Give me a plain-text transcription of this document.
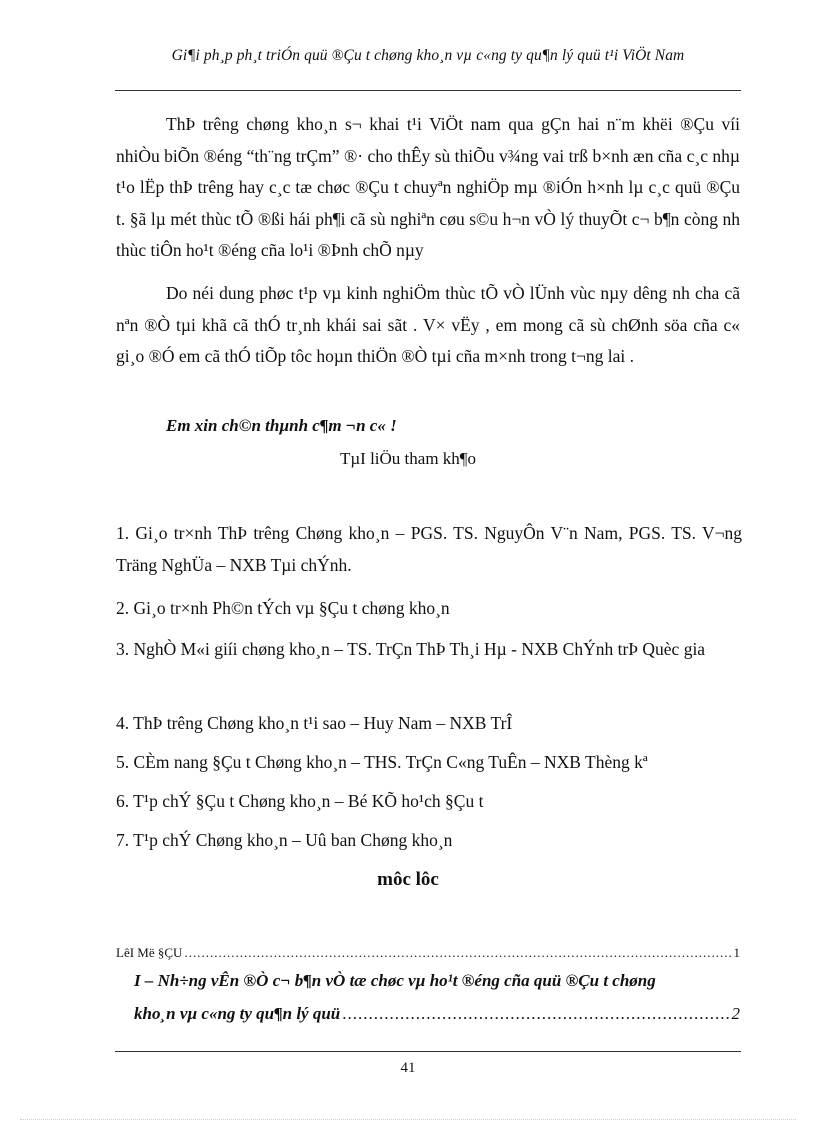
Gi¶i ph¸p ph¸t triÓn quü ®Çu t chøng kho¸n vµ c«ng ty qu¶n lý quü t¹i ViÖt Nam

ThÞ trêng chøng kho¸n s¬ khai t¹i ViÖt nam qua gÇn hai n¨m khëi ®Çu víi nhiÒu biÕn ®éng “th¨ng trÇm” ®· cho thÊy sù thiÕu v¾ng vai trß b×nh æn cña c¸c nhµ t¹o lËp thÞ trêng hay c¸c tæ chøc ®Çu t chuyªn nghiÖp mµ ®iÓn h×nh lµ c¸c quü ®Çu t. §ã lµ mét thùc tÕ ®ßi hái ph¶i cã sù nghiªn cøu s©u h¬n vÒ lý thuyÕt c¬ b¶n còng nh thùc tiÔn ho¹t ®éng cña lo¹i ®Þnh chÕ nµy

Do néi dung phøc t¹p vµ kinh nghiÖm thùc tÕ vÒ lÜnh vùc nµy dêng nh cha cã nªn ®Ò tµi khã cã thÓ tr¸nh khái sai sãt . V× vËy , em mong cã sù chØnh söa cña c« gi¸o ®Ó em cã thÓ tiÕp tôc hoµn thiÖn ®Ò tµi cña m×nh trong t¬ng lai .

Em xin ch©n thµnh c¶m ¬n c« !
TµI liÖu tham kh¶o
1. Gi¸o tr×nh ThÞ trêng Chøng kho¸n – PGS. TS. NguyÔn V¨n Nam, PGS. TS. V¬ng Träng NghÜa – NXB Tµi chÝnh.
2. Gi¸o tr×nh Ph©n tÝch vµ §Çu t chøng kho¸n
3. NghÒ M«i giíi chøng kho¸n – TS. TrÇn ThÞ Th¸i Hµ - NXB ChÝnh trÞ Quèc gia
4. ThÞ trêng Chøng kho¸n t¹i sao – Huy Nam – NXB TrÎ
5. CÈm nang §Çu t Chøng kho¸n – THS. TrÇn C«ng TuÊn – NXB Thèng kª
6. T¹p chÝ §Çu t Chøng kho¸n – Bé KÕ ho¹ch §Çu t
7. T¹p chÝ Chøng kho¸n – Uû ban Chøng kho¸n
môc lôc
LêI Më §ÇU .....	1
I – Nh÷ng vÊn ®Ò c¬ b¶n vÒ tæ chøc vµ ho¹t ®éng cña quü ®Çu t chøng
kho¸n vµ c«ng ty qu¶n lý quü .....	2
41
